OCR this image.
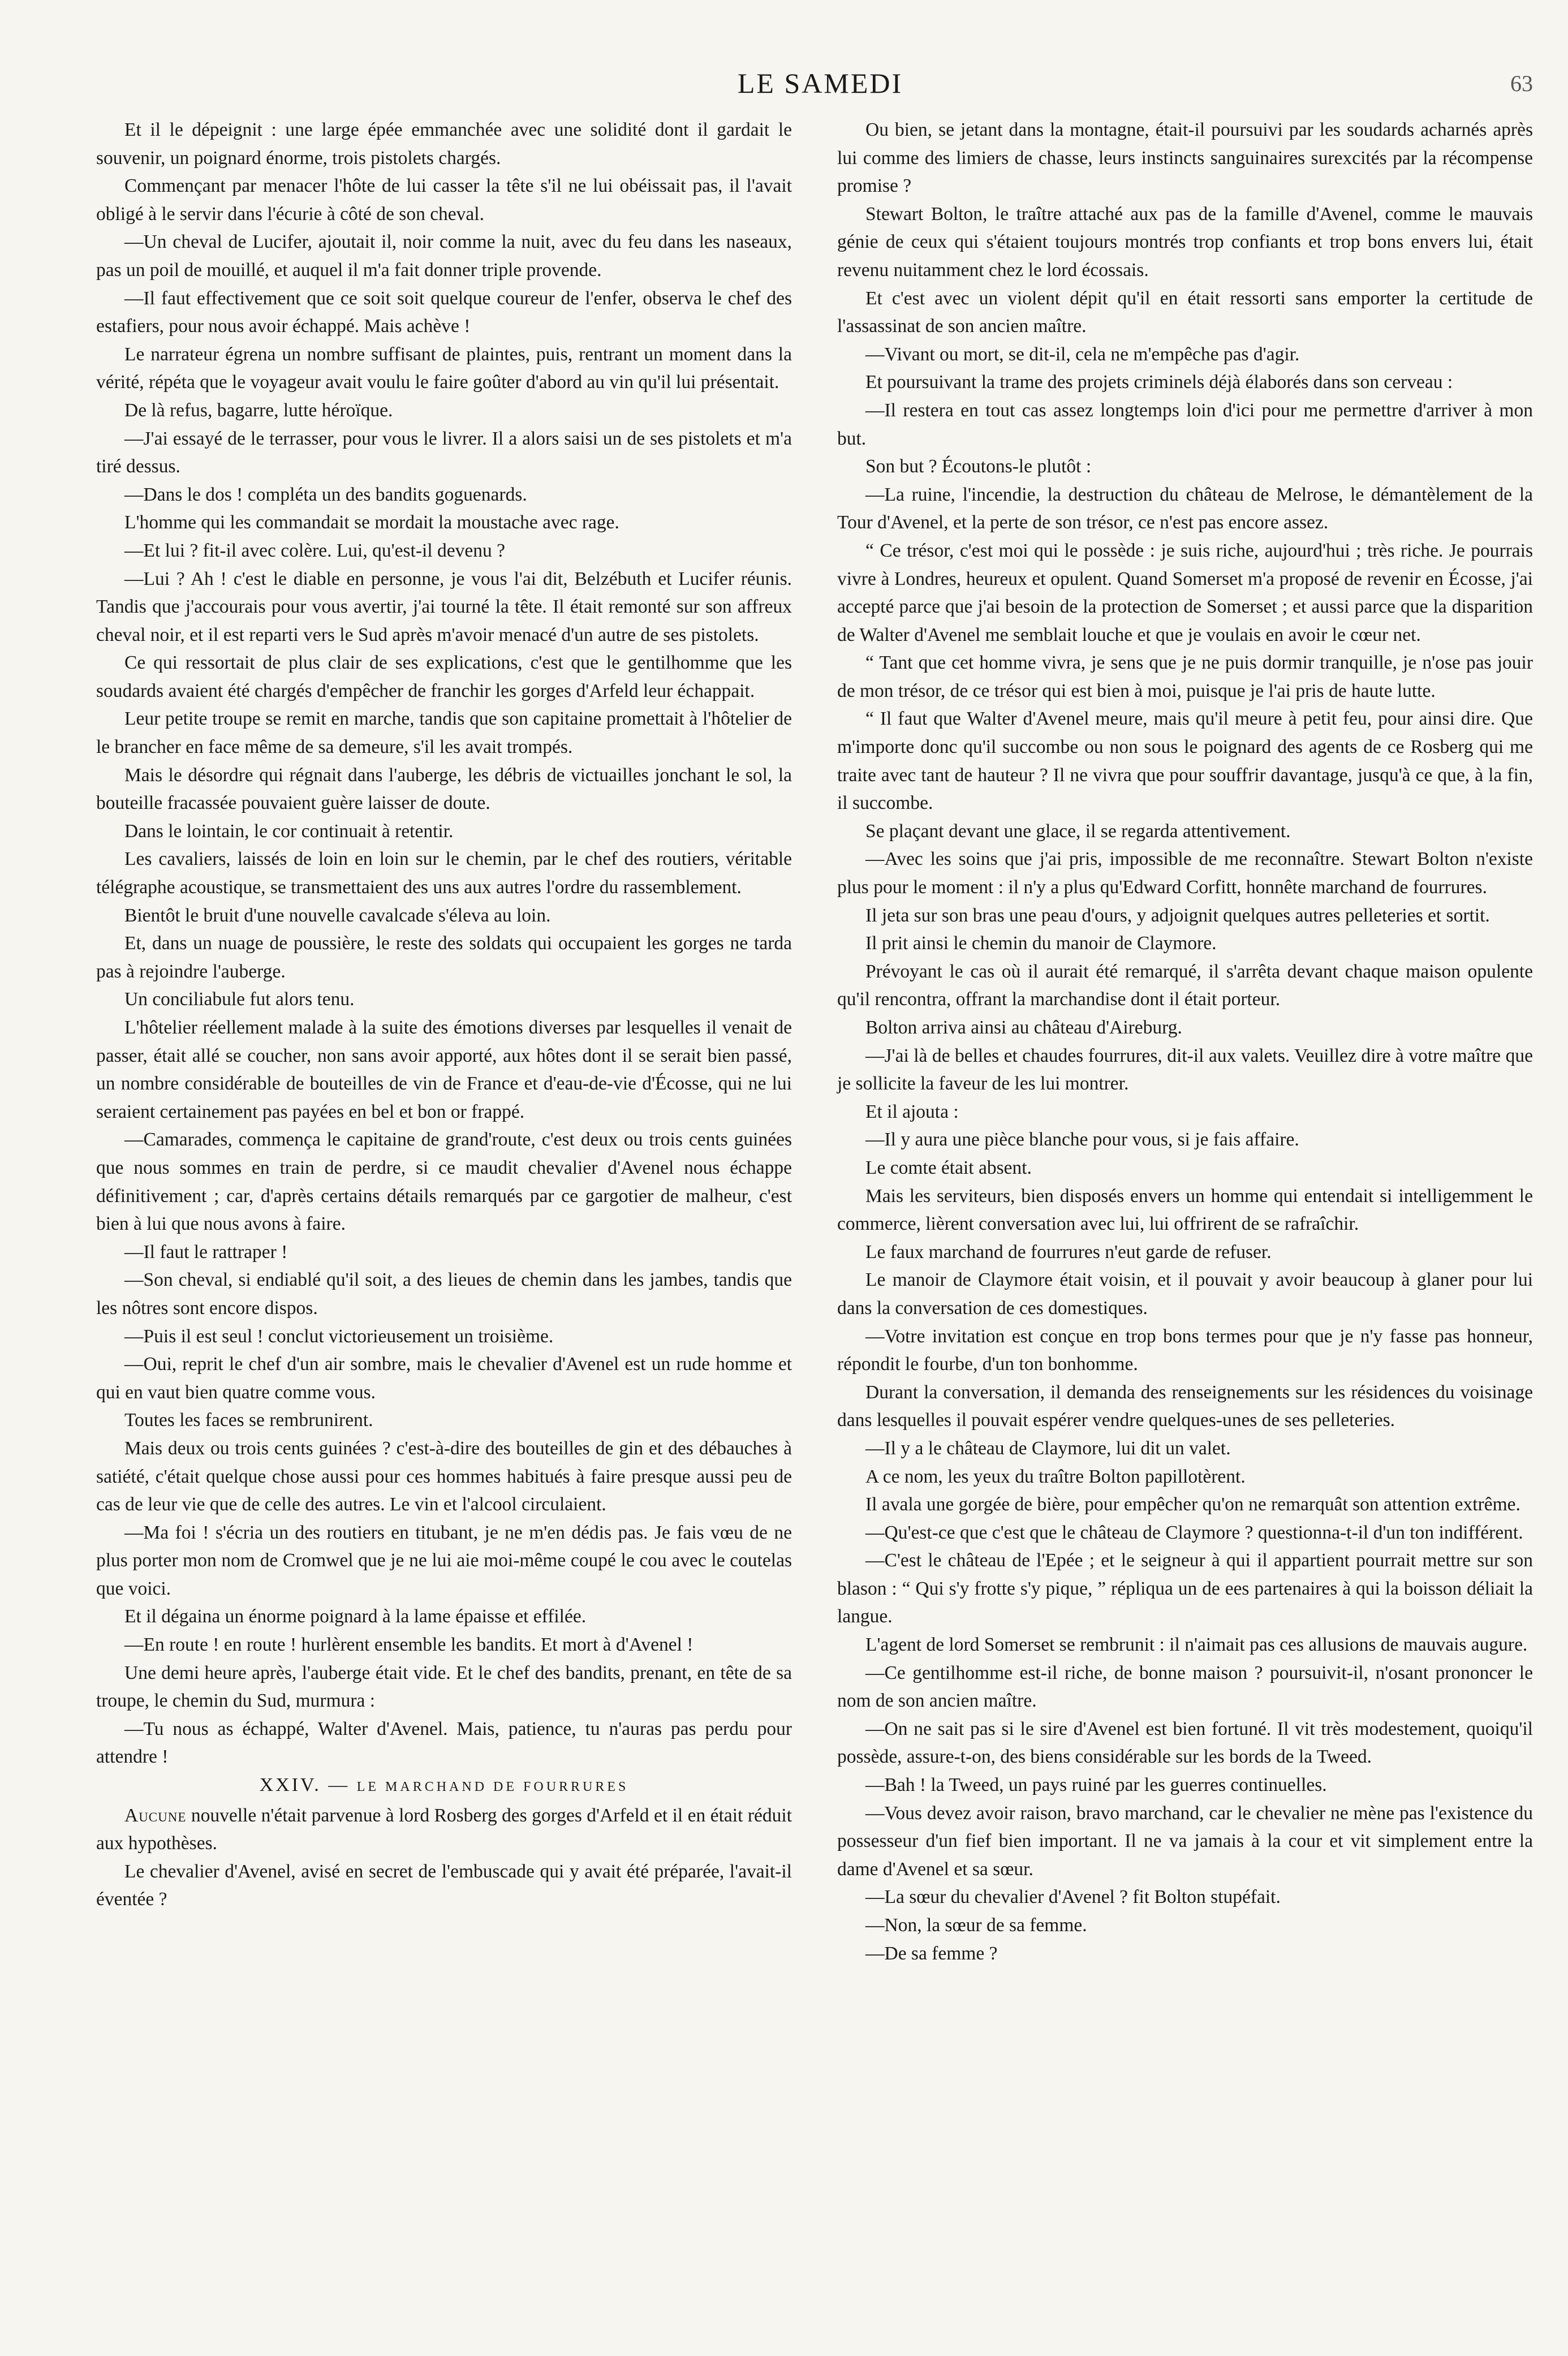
LE SAMEDI	63

Et il le dépeignit : une large épée emmanchée avec une solidité dont il gardait le souvenir, un poignard énorme, trois pistolets chargés.

Commençant par menacer l'hôte de lui casser la tête s'il ne lui obéissait pas, il l'avait obligé à le servir dans l'écurie à côté de son cheval.

—Un cheval de Lucifer, ajoutait il, noir comme la nuit, avec du feu dans les naseaux, pas un poil de mouillé, et auquel il m'a fait donner triple provende.

—Il faut effectivement que ce soit soit quelque coureur de l'enfer, observa le chef des estafiers, pour nous avoir échappé. Mais achève !

Le narrateur égrena un nombre suffisant de plaintes, puis, rentrant un moment dans la vérité, répéta que le voyageur avait voulu le faire goûter d'abord au vin qu'il lui présentait.

De là refus, bagarre, lutte héroïque.

—J'ai essayé de le terrasser, pour vous le livrer. Il a alors saisi un de ses pistolets et m'a tiré dessus.

—Dans le dos ! compléta un des bandits goguenards.

L'homme qui les commandait se mordait la moustache avec rage.

—Et lui ? fit-il avec colère. Lui, qu'est-il devenu ?

—Lui ? Ah ! c'est le diable en personne, je vous l'ai dit, Belzébuth et Lucifer réunis. Tandis que j'accourais pour vous avertir, j'ai tourné la tête. Il était remonté sur son affreux cheval noir, et il est reparti vers le Sud après m'avoir menacé d'un autre de ses pistolets.

Ce qui ressortait de plus clair de ses explications, c'est que le gentilhomme que les soudards avaient été chargés d'empêcher de franchir les gorges d'Arfeld leur échappait.

Leur petite troupe se remit en marche, tandis que son capitaine promettait à l'hôtelier de le brancher en face même de sa demeure, s'il les avait trompés.

Mais le désordre qui régnait dans l'auberge, les débris de victuailles jonchant le sol, la bouteille fracassée pouvaient guère laisser de doute.

Dans le lointain, le cor continuait à retentir.

Les cavaliers, laissés de loin en loin sur le chemin, par le chef des routiers, véritable télégraphe acoustique, se transmettaient des uns aux autres l'ordre du rassemblement.

Bientôt le bruit d'une nouvelle cavalcade s'éleva au loin.

Et, dans un nuage de poussière, le reste des soldats qui occupaient les gorges ne tarda pas à rejoindre l'auberge.

Un conciliabule fut alors tenu.

L'hôtelier réellement malade à la suite des émotions diverses par lesquelles il venait de passer, était allé se coucher, non sans avoir apporté, aux hôtes dont il se serait bien passé, un nombre considérable de bouteilles de vin de France et d'eau-de-vie d'Écosse, qui ne lui seraient certainement pas payées en bel et bon or frappé.

—Camarades, commença le capitaine de grand'route, c'est deux ou trois cents guinées que nous sommes en train de perdre, si ce maudit chevalier d'Avenel nous échappe définitivement ; car, d'après certains détails remarqués par ce gargotier de malheur, c'est bien à lui que nous avons à faire.

—Il faut le rattraper !

—Son cheval, si endiablé qu'il soit, a des lieues de chemin dans les jambes, tandis que les nôtres sont encore dispos.

—Puis il est seul ! conclut victorieusement un troisième.

—Oui, reprit le chef d'un air sombre, mais le chevalier d'Avenel est un rude homme et qui en vaut bien quatre comme vous.

Toutes les faces se rembrunirent.

Mais deux ou trois cents guinées ? c'est-à-dire des bouteilles de gin et des débauches à satiété, c'était quelque chose aussi pour ces hommes habitués à faire presque aussi peu de cas de leur vie que de celle des autres. Le vin et l'alcool circulaient.

—Ma foi ! s'écria un des routiers en titubant, je ne m'en dédis pas. Je fais vœu de ne plus porter mon nom de Cromwel que je ne lui aie moi-même coupé le cou avec le coutelas que voici.

Et il dégaina un énorme poignard à la lame épaisse et effilée.

—En route ! en route ! hurlèrent ensemble les bandits. Et mort à d'Avenel !

Une demi heure après, l'auberge était vide. Et le chef des bandits, prenant, en tête de sa troupe, le chemin du Sud, murmura :

—Tu nous as échappé, Walter d'Avenel. Mais, patience, tu n'auras pas perdu pour attendre !

XXIV. — LE MARCHAND DE FOURRURES

Aucune nouvelle n'était parvenue à lord Rosberg des gorges d'Arfeld et il en était réduit aux hypothèses.

Le chevalier d'Avenel, avisé en secret de l'embuscade qui y avait été préparée, l'avait-il éventée ?

Ou bien, se jetant dans la montagne, était-il poursuivi par les soudards acharnés après lui comme des limiers de chasse, leurs instincts sanguinaires surexcités par la récompense promise ?

Stewart Bolton, le traître attaché aux pas de la famille d'Avenel, comme le mauvais génie de ceux qui s'étaient toujours montrés trop confiants et trop bons envers lui, était revenu nuitamment chez le lord écossais.

Et c'est avec un violent dépit qu'il en était ressorti sans emporter la certitude de l'assassinat de son ancien maître.

—Vivant ou mort, se dit-il, cela ne m'empêche pas d'agir.

Et poursuivant la trame des projets criminels déjà élaborés dans son cerveau :

—Il restera en tout cas assez longtemps loin d'ici pour me permettre d'arriver à mon but.

Son but ? Écoutons-le plutôt :

—La ruine, l'incendie, la destruction du château de Melrose, le démantèlement de la Tour d'Avenel, et la perte de son trésor, ce n'est pas encore assez.

“ Ce trésor, c'est moi qui le possède : je suis riche, aujourd'hui ; très riche. Je pourrais vivre à Londres, heureux et opulent. Quand Somerset m'a proposé de revenir en Écosse, j'ai accepté parce que j'ai besoin de la protection de Somerset ; et aussi parce que la disparition de Walter d'Avenel me semblait louche et que je voulais en avoir le cœur net.

“ Tant que cet homme vivra, je sens que je ne puis dormir tranquille, je n'ose pas jouir de mon trésor, de ce trésor qui est bien à moi, puisque je l'ai pris de haute lutte.

“ Il faut que Walter d'Avenel meure, mais qu'il meure à petit feu, pour ainsi dire. Que m'importe donc qu'il succombe ou non sous le poignard des agents de ce Rosberg qui me traite avec tant de hauteur ? Il ne vivra que pour souffrir davantage, jusqu'à ce que, à la fin, il succombe.

Se plaçant devant une glace, il se regarda attentivement.

—Avec les soins que j'ai pris, impossible de me reconnaître. Stewart Bolton n'existe plus pour le moment : il n'y a plus qu'Edward Corfitt, honnête marchand de fourrures.

Il jeta sur son bras une peau d'ours, y adjoignit quelques autres pelleteries et sortit.

Il prit ainsi le chemin du manoir de Claymore.

Prévoyant le cas où il aurait été remarqué, il s'arrêta devant chaque maison opulente qu'il rencontra, offrant la marchandise dont il était porteur.

Bolton arriva ainsi au château d'Aireburg.

—J'ai là de belles et chaudes fourrures, dit-il aux valets. Veuillez dire à votre maître que je sollicite la faveur de les lui montrer.

Et il ajouta :

—Il y aura une pièce blanche pour vous, si je fais affaire.

Le comte était absent.

Mais les serviteurs, bien disposés envers un homme qui entendait si intelligemment le commerce, lièrent conversation avec lui, lui offrirent de se rafraîchir.

Le faux marchand de fourrures n'eut garde de refuser.

Le manoir de Claymore était voisin, et il pouvait y avoir beaucoup à glaner pour lui dans la conversation de ces domestiques.

—Votre invitation est conçue en trop bons termes pour que je n'y fasse pas honneur, répondit le fourbe, d'un ton bonhomme.

Durant la conversation, il demanda des renseignements sur les résidences du voisinage dans lesquelles il pouvait espérer vendre quelques-unes de ses pelleteries.

—Il y a le château de Claymore, lui dit un valet.

A ce nom, les yeux du traître Bolton papillotèrent.

Il avala une gorgée de bière, pour empêcher qu'on ne remarquât son attention extrême.

—Qu'est-ce que c'est que le château de Claymore ? questionna-t-il d'un ton indifférent.

—C'est le château de l'Epée ; et le seigneur à qui il appartient pourrait mettre sur son blason : “ Qui s'y frotte s'y pique, ” répliqua un de ees partenaires à qui la boisson déliait la langue.

L'agent de lord Somerset se rembrunit : il n'aimait pas ces allusions de mauvais augure.

—Ce gentilhomme est-il riche, de bonne maison ? poursuivit-il, n'osant prononcer le nom de son ancien maître.

—On ne sait pas si le sire d'Avenel est bien fortuné. Il vit très modestement, quoiqu'il possède, assure-t-on, des biens considérable sur les bords de la Tweed.

—Bah ! la Tweed, un pays ruiné par les guerres continuelles.

—Vous devez avoir raison, bravo marchand, car le chevalier ne mène pas l'existence du possesseur d'un fief bien important. Il ne va jamais à la cour et vit simplement entre la dame d'Avenel et sa sœur.

—La sœur du chevalier d'Avenel ? fit Bolton stupéfait.

—Non, la sœur de sa femme.

—De sa femme ?
